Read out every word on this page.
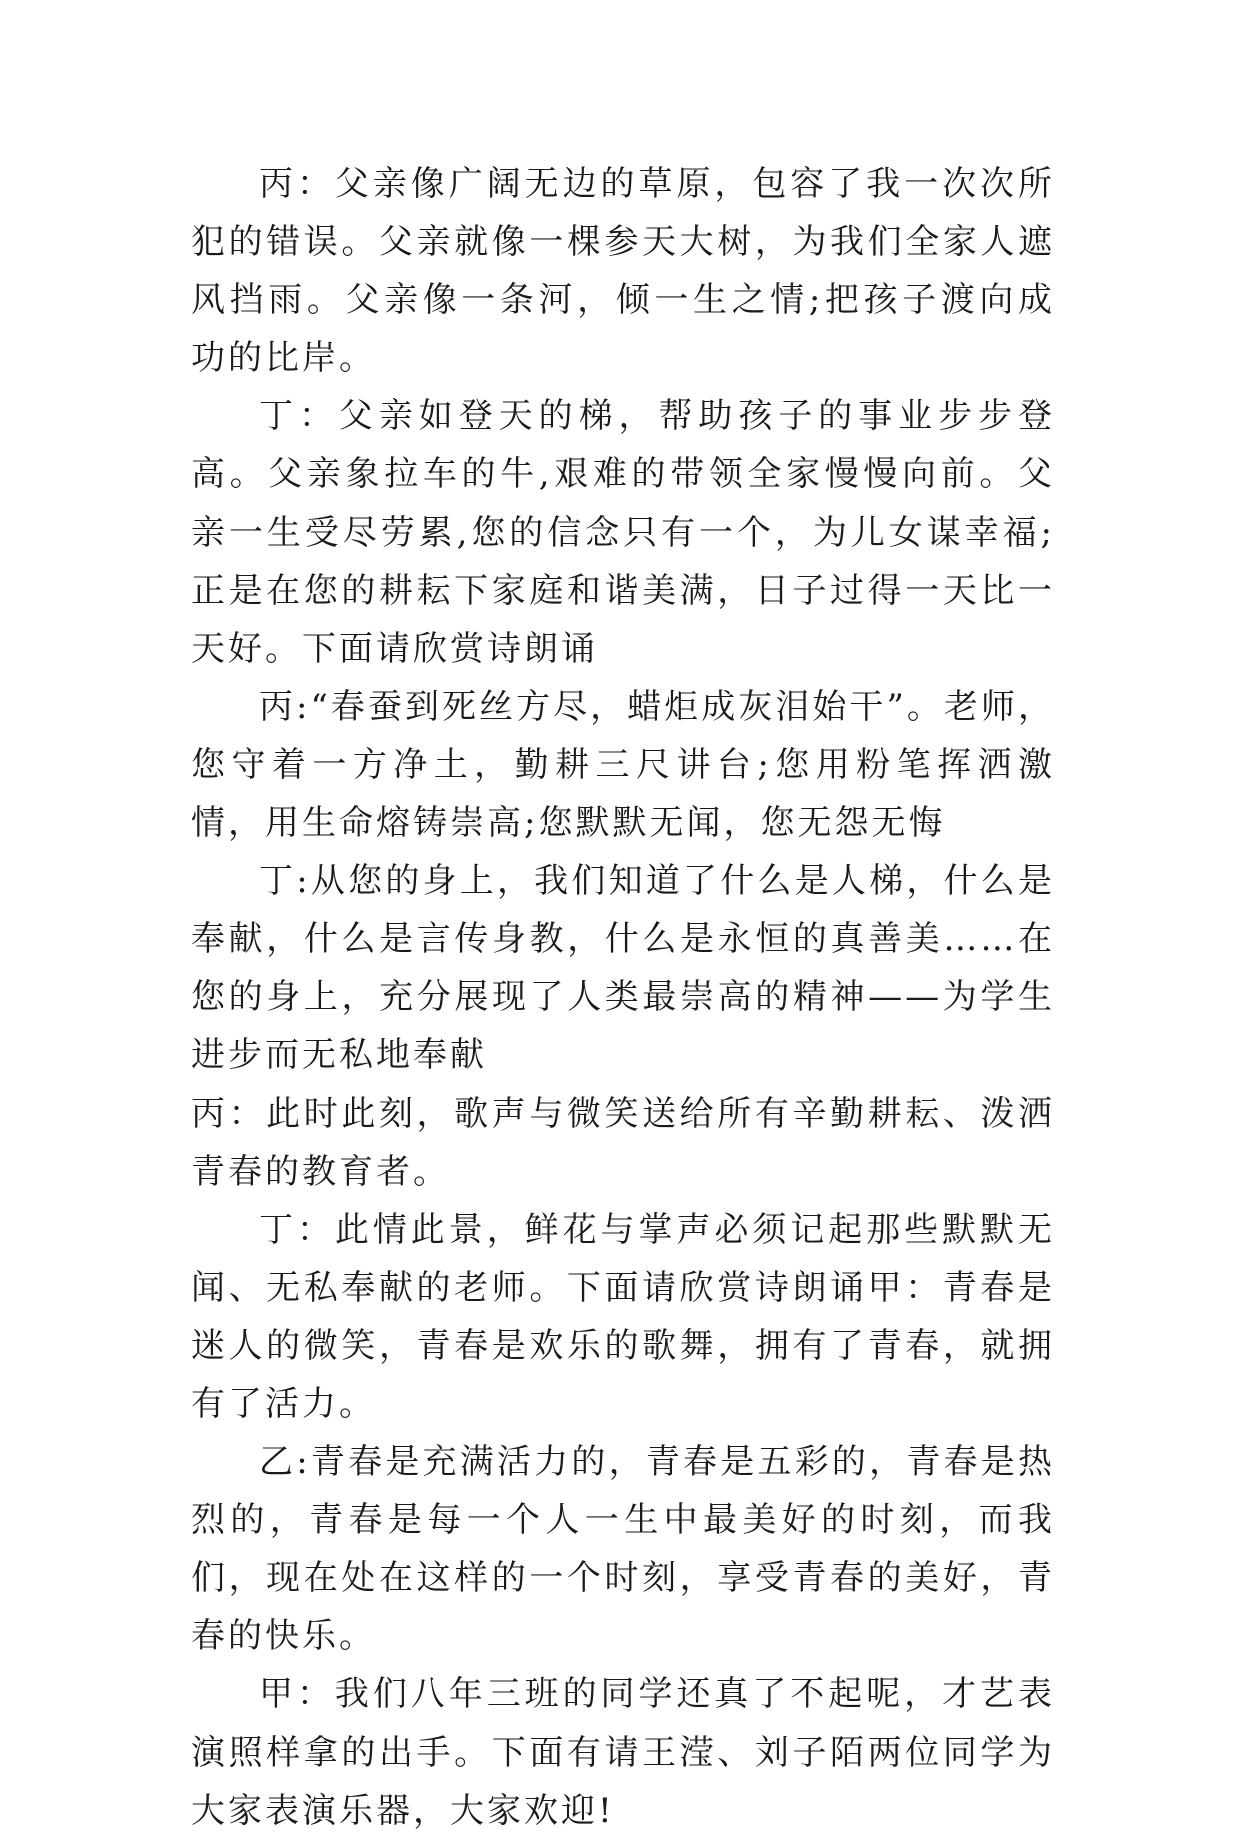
丙：父亲像广阔无边的草原，包容了我一次次所犯的错误。父亲就像一棵参天大树，为我们全家人遮风挡雨。父亲像一条河，倾一生之情;把孩子渡向成功的比岸。

丁：父亲如登天的梯，帮助孩子的事业步步登高。父亲象拉车的牛,艰难的带领全家慢慢向前。父亲一生受尽劳累,您的信念只有一个，为儿女谋幸福;正是在您的耕耘下家庭和谐美满，日子过得一天比一天好。下面请欣赏诗朗诵

丙:“春蚕到死丝方尽，蜡炬成灰泪始干”。老师，您守着一方净土，勤耕三尺讲台;您用粉笔挥洒激情，用生命熔铸崇高;您默默无闻，您无怨无悔

丁:从您的身上，我们知道了什么是人梯，什么是奉献，什么是言传身教，什么是永恒的真善美……在您的身上，充分展现了人类最崇高的精神——为学生进步而无私地奉献

丙：此时此刻，歌声与微笑送给所有辛勤耕耘、泼洒青春的教育者。

丁：此情此景，鲜花与掌声必须记起那些默默无闻、无私奉献的老师。下面请欣赏诗朗诵甲：青春是迷人的微笑，青春是欢乐的歌舞，拥有了青春，就拥有了活力。

乙:青春是充满活力的，青春是五彩的，青春是热烈的，青春是每一个人一生中最美好的时刻，而我们，现在处在这样的一个时刻，享受青春的美好，青春的快乐。

甲：我们八年三班的同学还真了不起呢，才艺表演照样拿的出手。下面有请王滢、刘子陌两位同学为大家表演乐器，大家欢迎!
